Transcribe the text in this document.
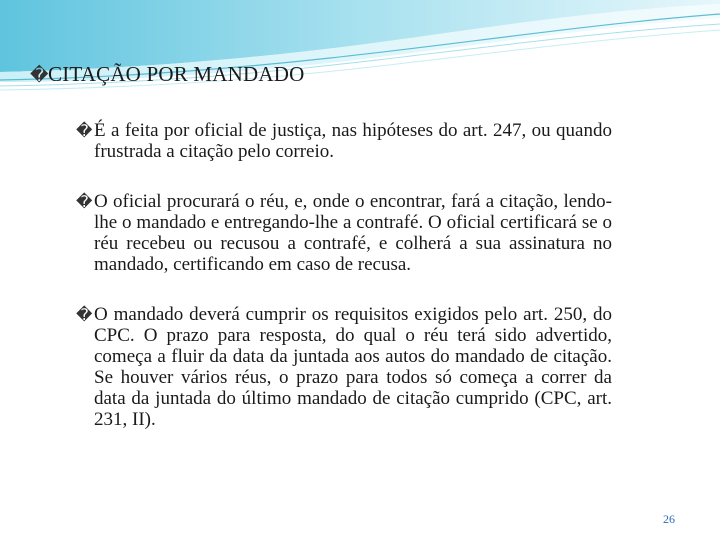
�CITAÇÃO POR MANDADO
� É a feita por oficial de justiça, nas hipóteses do art. 247, ou quando frustrada a citação pelo correio.
� O oficial procurará o réu, e, onde o encontrar, fará a citação, lendo-lhe o mandado e entregando-lhe a contrafé. O oficial certificará se o réu recebeu ou recusou a contrafé, e colherá a sua assinatura no mandado, certificando em caso de recusa.
� O mandado deverá cumprir os requisitos exigidos pelo art. 250, do CPC. O prazo para resposta, do qual o réu terá sido advertido, começa a fluir da data da juntada aos autos do mandado de citação. Se houver vários réus, o prazo para todos só começa a correr da data da juntada do último mandado de citação cumprido (CPC, art. 231, II).
26
